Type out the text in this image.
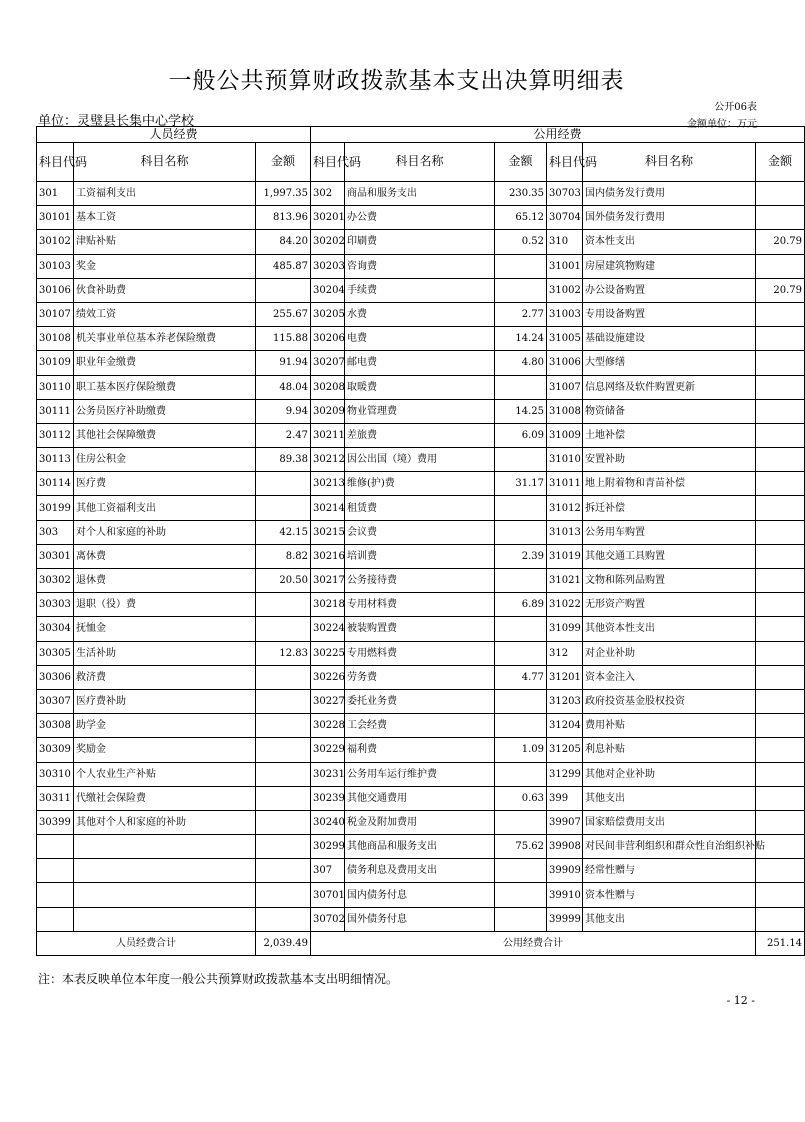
一般公共预算财政拨款基本支出决算明细表
公开06表
单位：灵璧县长集中心学校	金额单位：万元
人员经费			公用经费					
科目代码	科目名称	金额	科目代码	科目名称	金额	科目代码	科目名称	金额
301	工资福利支出	1,997.35	302	商品和服务支出	230.35	30703	国内债务发行费用	
30101	基本工资	813.96	30201	办公费	65.12	30704	国外债务发行费用	
30102	津贴补贴	84.20	30202	印刷费	0.52	310	资本性支出	20.79
30103	奖金	485.87	30203	咨询费		31001	房屋建筑物购建	
30106	伙食补助费		30204	手续费		31002	办公设备购置	20.79
30107	绩效工资	255.67	30205	水费	2.77	31003	专用设备购置	
30108	机关事业单位基本养老保险缴费	115.88	30206	电费	14.24	31005	基础设施建设	
30109	职业年金缴费	91.94	30207	邮电费	4.80	31006	大型修缮	
30110	职工基本医疗保险缴费	48.04	30208	取暖费		31007	信息网络及软件购置更新	
30111	公务员医疗补助缴费	9.94	30209	物业管理费	14.25	31008	物资储备	
30112	其他社会保障缴费	2.47	30211	差旅费	6.09	31009	土地补偿	
30113	住房公积金	89.38	30212	因公出国（境）费用		31010	安置补助	
30114	医疗费		30213	维修(护)费	31.17	31011	地上附着物和青苗补偿	
30199	其他工资福利支出		30214	租赁费		31012	拆迁补偿	
303	对个人和家庭的补助	42.15	30215	会议费		31013	公务用车购置	
30301	离休费	8.82	30216	培训费	2.39	31019	其他交通工具购置	
30302	退休费	20.50	30217	公务接待费		31021	文物和陈列品购置	
30303	退职（役）费		30218	专用材料费	6.89	31022	无形资产购置	
30304	抚恤金		30224	被装购置费		31099	其他资本性支出	
30305	生活补助	12.83	30225	专用燃料费		312	对企业补助	
30306	救济费		30226	劳务费	4.77	31201	资本金注入	
30307	医疗费补助		30227	委托业务费		31203	政府投资基金股权投资	
30308	助学金		30228	工会经费		31204	费用补贴	
30309	奖励金		30229	福利费	1.09	31205	利息补贴	
30310	个人农业生产补贴		30231	公务用车运行维护费		31299	其他对企业补助	
30311	代缴社会保险费		30239	其他交通费用	0.63	399	其他支出	
30399	其他对个人和家庭的补助		30240	税金及附加费用		39907	国家赔偿费用支出	
			30299	其他商品和服务支出	75.62	39908	对民间非营利组织和群众性自治组织补贴	
			307	债务利息及费用支出		39909	经常性赠与	
			30701	国内债务付息		39910	资本性赠与	
			30702	国外债务付息		39999	其他支出	
人员经费合计		2,039.49	公用经费合计					251.14
注：本表反映单位本年度一般公共预算财政拨款基本支出明细情况。
- 12 -
